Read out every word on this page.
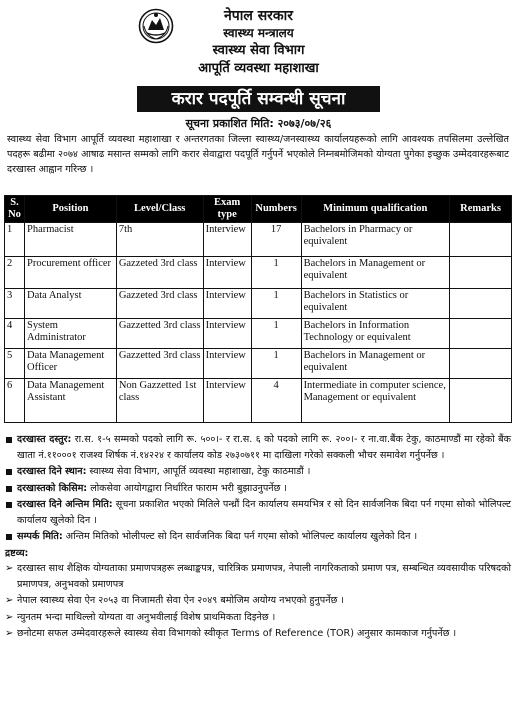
नेपाल सरकार
स्वास्थ्य मन्त्रालय
स्वास्थ्य सेवा विभाग
आपूर्ति व्यवस्था महाशाखा
करार पदपूर्ति सम्वन्धी सूचना
सूचना प्रकाशित मिति: २०७३/०७/२६
स्वास्थ्य सेवा विभाग आपूर्ति व्यवस्था महाशाखा र अन्तरगतका जिल्ला स्वास्थ्य/जनस्वास्थ्य कार्यालयहरूको लागि आवश्यक तपसिलमा उल्लेखित पदहरू बढीमा २०७४ आषाढ मसान्त सम्मको लागि करार सेवाद्वारा पदपूर्ति गर्नुपर्ने भएकोले निम्नबमोजिमको योग्यता पुगेका इच्छुक उम्मेदवारहरूबाट दरखास्त आह्वान गरिन्छ ।
S. No	Position	Level/Class	Exam type	Numbers	Minimum qualification	Remarks
1	Pharmacist	7th	Interview	17	Bachelors in Pharmacy or equivalent	
2	Procurement officer	Gazzeted 3rd class	Interview	1	Bachelors in Management or equivalent	
3	Data Analyst	Gazzeted 3rd class	Interview	1	Bachelors in Statistics or equivalent	
4	System Administrator	Gazzetted 3rd class	Interview	1	Bachelors in Information Technology or equivalent	
5	Data Management Officer	Gazzetted 3rd class	Interview	1	Bachelors in Management or equivalent	
6	Data Management Assistant	Non Gazzetted 1st class	Interview	4	Intermediate in computer science, Management or equivalent	
दरखास्त दस्तुर: रा.स. १-५ सम्मको पदको लागि रू. ५००।- र रा.स. ६ को पदको लागि रू. २००।- र ना.वा.बैंक टेकु, काठमाण्डौं मा रहेको बैंक खाता नं.११०००१ राजश्व शिर्षक नं.१४२२४ र कार्यालय कोड २७३०७११ मा दाखिला गरेको सक्कली भौचर समावेश गर्नुपर्नेछ ।
दरखास्त दिने स्थान: स्वास्थ्य सेवा विभाग, आपूर्ति व्यवस्था महाशाखा, टेकु काठमाडौं ।
दरखास्तको किसिम: लोकसेवा आयोगद्वारा निर्धारित फाराम भरी बुझाउनुपर्नेछ ।
दरखास्त दिने अन्तिम मिति: सूचना प्रकाशित भएको मितिले पन्ध्रौं दिन कार्यालय समयभित्र र सो दिन सार्वजनिक बिदा पर्न गएमा सोको भोलिपल्ट कार्यालय खुलेको दिन ।
सम्पर्क मिति: अन्तिम मितिको भोलीपल्ट सो दिन सार्वजनिक बिदा पर्न गएमा सोको भोलिपल्ट कार्यालय खुलेको दिन ।
द्रष्टव्य:
➢ दरखास्त साथ शैक्षिक योग्यताका प्रमाणपत्रहरू लब्धाङ्कपत्र, चारित्रिक प्रमाणपत्र, नेपाली नागरिकताको प्रमाण पत्र, सम्बन्धित व्यवसायीक परिषदको प्रमाणपत्र, अनुभवको प्रमाणपत्र
➢ नेपाल स्वास्थ्य सेवा ऐन २०५३ वा निजामती सेवा ऐन २०४९ बमोजिम अयोग्य नभएको हुनुपर्नेछ ।
➢ न्युनतम भन्दा माथिल्लो योग्यता वा अनुभवीलाई विशेष प्राथमिकता दिइनेछ ।
➢ छनोटमा सफल उम्मेदवारहरूले स्वास्थ्य सेवा विभागको स्वीकृत Terms of Reference (TOR) अनुसार कामकाज गर्नुपर्नेछ ।
